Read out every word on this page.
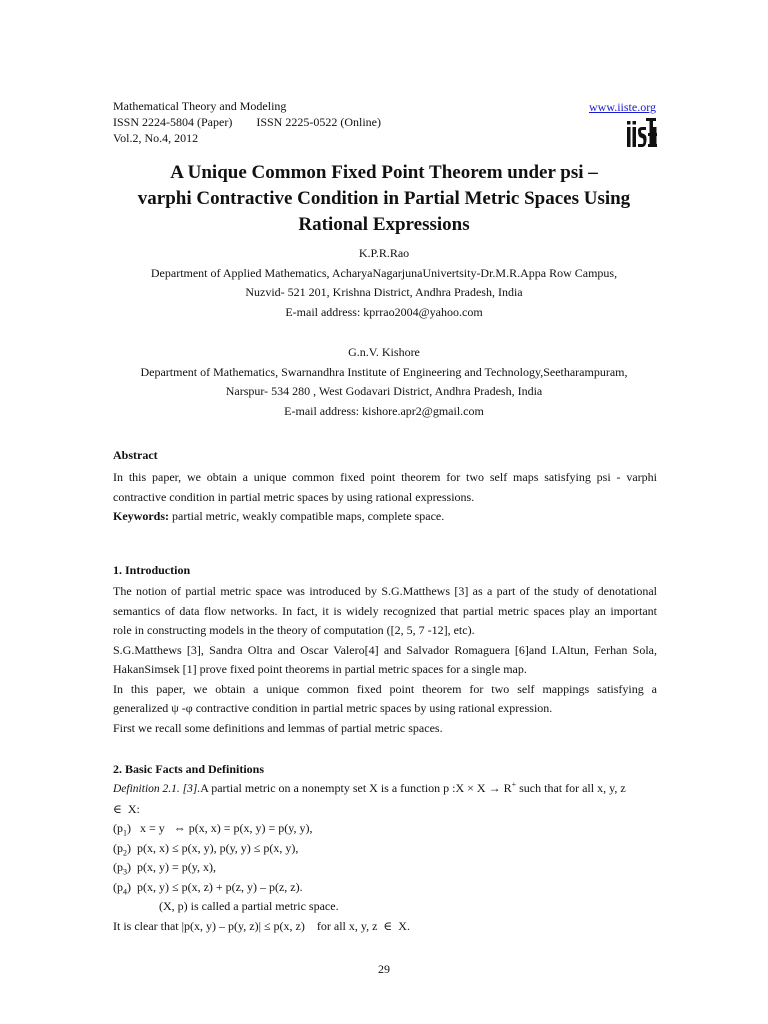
Mathematical Theory and Modeling
ISSN 2224-5804 (Paper) ISSN 2225-0522 (Online)
Vol.2, No.4, 2012
www.iiste.org
A Unique Common Fixed Point Theorem under psi –
varphi Contractive Condition in Partial Metric Spaces Using
Rational Expressions
K.P.R.Rao
Department of Applied Mathematics, AcharyaNagarjunaUnivertsity-Dr.M.R.Appa Row Campus,
Nuzvid- 521 201, Krishna District, Andhra Pradesh, India
E-mail address: kprrao2004@yahoo.com
G.n.V. Kishore
Department of Mathematics, Swarnandhra Institute of Engineering and Technology,Seetharampuram,
Narspur- 534 280 , West Godavari District, Andhra Pradesh, India
E-mail address: kishore.apr2@gmail.com
Abstract
In this paper, we obtain a unique common fixed point theorem for two self maps satisfying psi - varphi
contractive condition in partial metric spaces by using rational expressions.
Keywords: partial metric, weakly compatible maps, complete space.
1. Introduction
The notion of partial metric space was introduced by S.G.Matthews [3] as a part of the study of denotational
semantics of data flow networks. In fact, it is widely recognized that partial metric spaces play an important
role in constructing models in the theory of computation ([2, 5, 7 -12], etc).
S.G.Matthews [3], Sandra Oltra and Oscar Valero[4] and Salvador Romaguera [6]and I.Altun, Ferhan Sola,
HakanSimsek [1] prove fixed point theorems in partial metric spaces for a single map.
In this paper, we obtain a unique common fixed point theorem for two self mappings satisfying a
generalized ψ -φ contractive condition in partial metric spaces by using rational expression.
First we recall some definitions and lemmas of partial metric spaces.
2. Basic Facts and Definitions
Definition 2.1. [3].A partial metric on a nonempty set X is a function p :X × X → R+ such that for all x, y, z
∈  X:
$(p_1) x = y$   ⇔ p(x, x) = p(x, y) = p(y, y),
$(p_2)$  p(x, x) ≤ p(x, y), p(y, y) ≤ p(x, y),
$(p_3)$  p(x, y) = p(y, x),
$(p_4)$  p(x, y) ≤ p(x, z) + p(z, y) – p(z, z).
(X, p) is called a partial metric space.
It is clear that |p(x, y) – p(y, z)| ≤ p(x, z)    for all x, y, z  ∈  X.
29
